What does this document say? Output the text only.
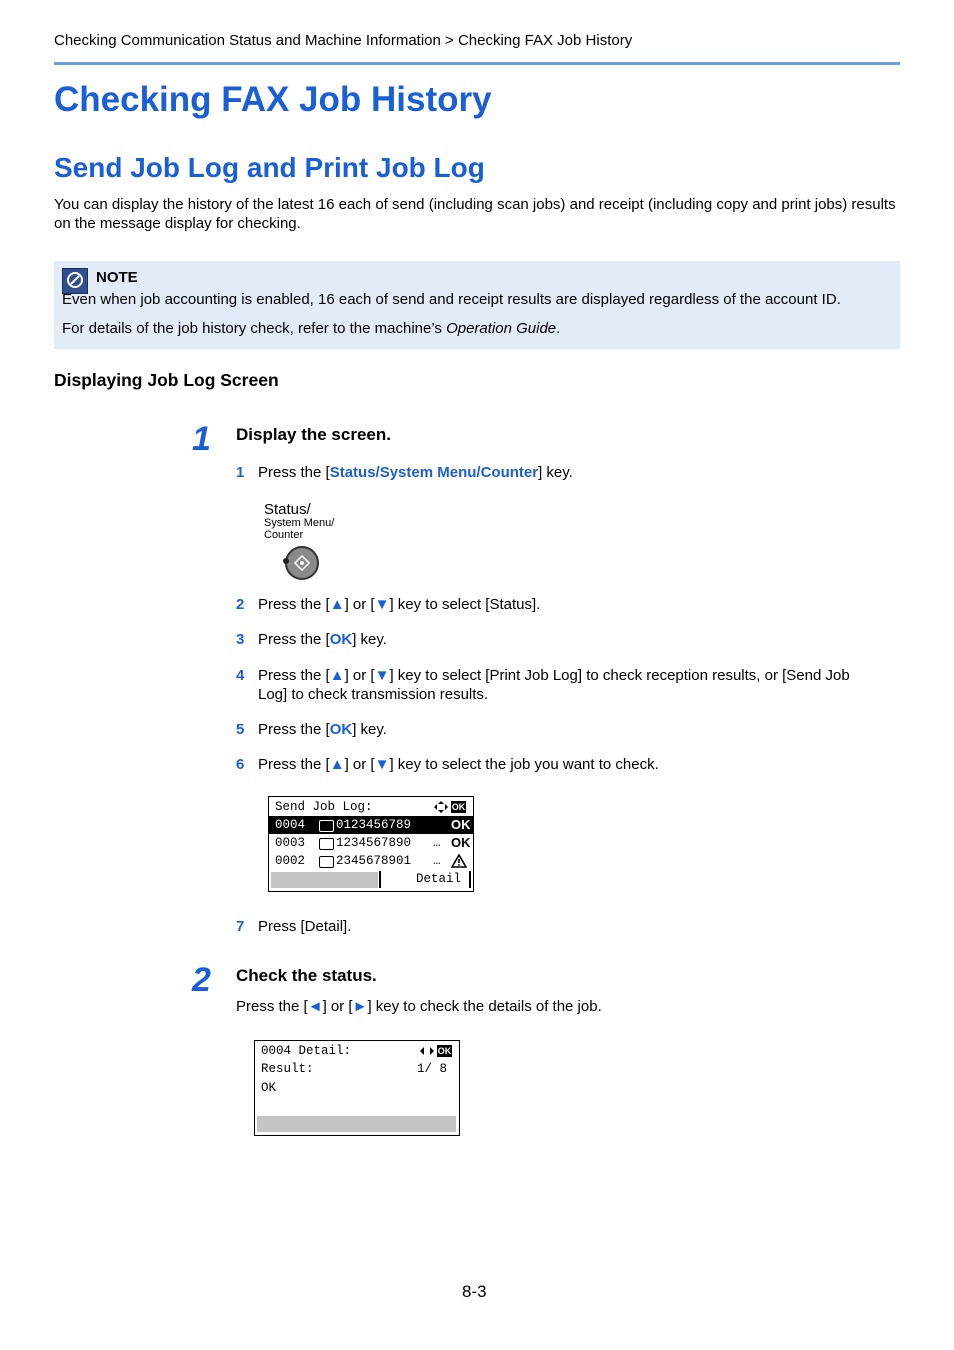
Checking Communication Status and Machine Information > Checking FAX Job History
Checking FAX Job History
Send Job Log and Print Job Log
You can display the history of the latest 16 each of send (including scan jobs) and receipt (including copy and print jobs) results on the message display for checking.
NOTE
Even when job accounting is enabled, 16 each of send and receipt results are displayed regardless of the account ID.
For details of the job history check, refer to the machine’s Operation Guide.
Displaying Job Log Screen
1 Display the screen.
1 Press the [Status/System Menu/Counter] key.
Status/
System Menu/
Counter
2 Press the [▲] or [▼] key to select [Status].
3 Press the [OK] key.
4 Press the [▲] or [▼] key to select [Print Job Log] to check reception results, or [Send Job
Log] to check transmission results.
5 Press the [OK] key.
6 Press the [▲] or [▼] key to select the job you want to check.
Send Job Log:	OK
0004 0123456789	OK
0003 1234567890 … OK
0002 2345678901 …
Detail
7 Press [Detail].
2 Check the status.
Press the [◄] or [►] key to check the details of the job.
0004 Detail:	OK
Result:	1/ 8
OK
8-3
